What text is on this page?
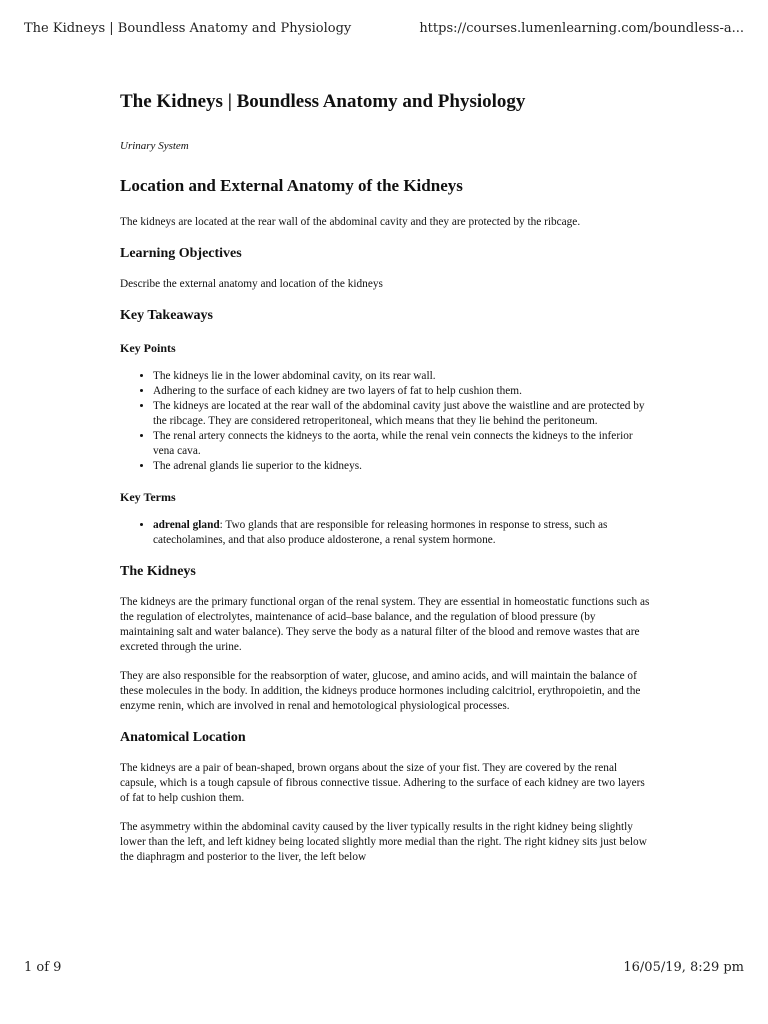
The Kidneys | Boundless Anatomy and Physiology	https://courses.lumenlearning.com/boundless-a...
The Kidneys | Boundless Anatomy and Physiology
Urinary System
Location and External Anatomy of the Kidneys

The kidneys are located at the rear wall of the abdominal cavity and they are protected by the ribcage.

Learning Objectives

Describe the external anatomy and location of the kidneys

Key Takeaways
Key Points
• The kidneys lie in the lower abdominal cavity, on its rear wall.
• Adhering to the surface of each kidney are two layers of fat to help cushion them.
• The kidneys are located at the rear wall of the abdominal cavity just above the waistline and are protected by the ribcage. They are considered retroperitoneal, which means that they lie behind the peritoneum.
• The renal artery connects the kidneys to the aorta, while the renal vein connects the kidneys to the inferior vena cava.
• The adrenal glands lie superior to the kidneys.
Key Terms
• adrenal gland: Two glands that are responsible for releasing hormones in response to stress, such as catecholamines, and that also produce aldosterone, a renal system hormone.
The Kidneys

The kidneys are the primary functional organ of the renal system. They are essential in homeostatic functions such as the regulation of electrolytes, maintenance of acid–base balance, and the regulation of blood pressure (by maintaining salt and water balance). They serve the body as a natural filter of the blood and remove wastes that are excreted through the urine.

They are also responsible for the reabsorption of water, glucose, and amino acids, and will maintain the balance of these molecules in the body. In addition, the kidneys produce hormones including calcitriol, erythropoietin, and the enzyme renin, which are involved in renal and hemotological physiological processes.

Anatomical Location

The kidneys are a pair of bean-shaped, brown organs about the size of your fist. They are covered by the renal capsule, which is a tough capsule of fibrous connective tissue. Adhering to the surface of each kidney are two layers of fat to help cushion them.

The asymmetry within the abdominal cavity caused by the liver typically results in the right kidney being slightly lower than the left, and left kidney being located slightly more medial than the right. The right kidney sits just below the diaphragm and posterior to the liver, the left below

1 of 9	16/05/19, 8:29 pm
